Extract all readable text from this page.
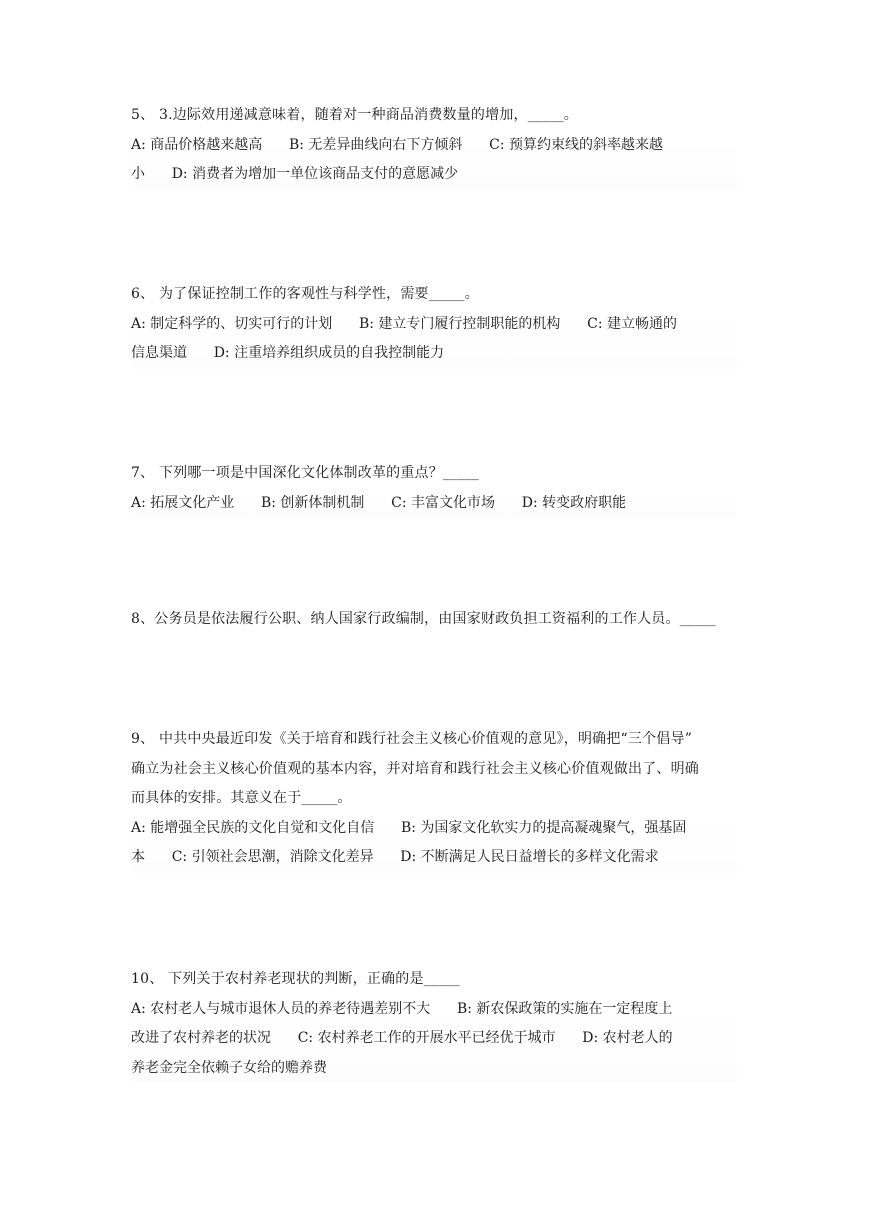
5、 3.边际效用递减意味着，随着对一种商品消费数量的增加，_____。

A: 商品价格越来越高      B: 无差异曲线向右下方倾斜      C: 预算约束线的斜率越来越

小      D: 消费者为增加一单位该商品支付的意愿减少

6、 为了保证控制工作的客观性与科学性，需要_____。

A: 制定科学的、切实可行的计划      B: 建立专门履行控制职能的机构      C: 建立畅通的

信息渠道      D: 注重培养组织成员的自我控制能力

7、 下列哪一项是中国深化文化体制改革的重点？_____

A: 拓展文化产业      B: 创新体制机制      C: 丰富文化市场      D: 转变政府职能

8、公务员是依法履行公职、纳人国家行政编制，由国家财政负担工资福利的工作人员。_____

9、 中共中央最近印发《关于培育和践行社会主义核心价值观的意见》，明确把“三个倡导”

确立为社会主义核心价值观的基本内容，并对培育和践行社会主义核心价值观做出了、明确

而具体的安排。其意义在于_____。

A: 能增强全民族的文化自觉和文化自信      B: 为国家文化软实力的提高凝魂聚气，强基固

本      C: 引领社会思潮，消除文化差异      D: 不断满足人民日益增长的多样文化需求

10、 下列关于农村养老现状的判断，正确的是_____

A: 农村老人与城市退休人员的养老待遇差别不大      B: 新农保政策的实施在一定程度上

改进了农村养老的状况      C: 农村养老工作的开展水平已经优于城市      D: 农村老人的

养老金完全依赖子女给的赡养费
